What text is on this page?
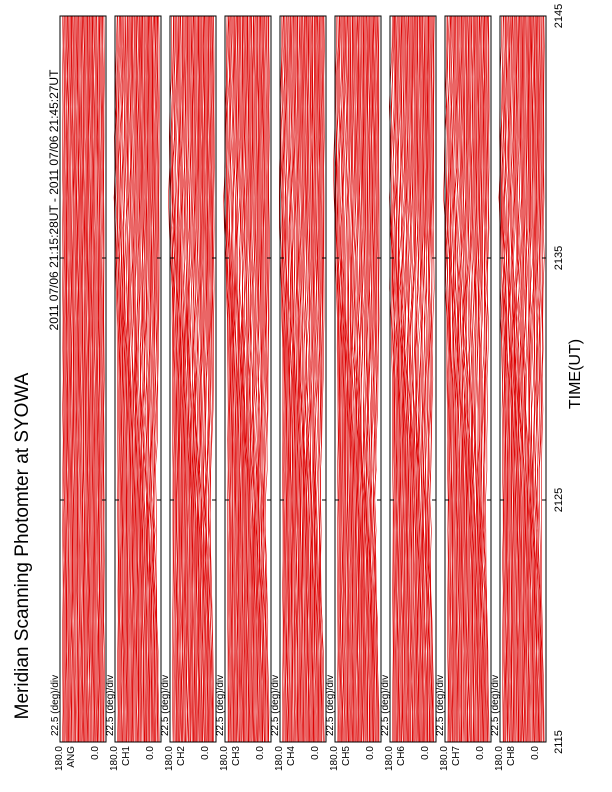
Meridian Scanning Photomter at SYOWA
2011 07/06 21:15:28UT - 2011 07/06 21:45:27UT
ANG
180.0	0.0
22.5 (deg)/div
CH1
180.0	0.0
22.5 (deg)/div
CH2
180.0	0.0
22.5 (deg)/div
CH3
180.0	0.0
22.5 (deg)/div
CH4
180.0	0.0
22.5 (deg)/div
CH5
180.0	0.0
22.5 (deg)/div
CH6
180.0	0.0
22.5 (deg)/div
CH7
180.0	0.0
22.5 (deg)/div
CH8
180.0	0.0
22.5 (deg)/div
2115
2125
2135
2145
TIME(UT)
